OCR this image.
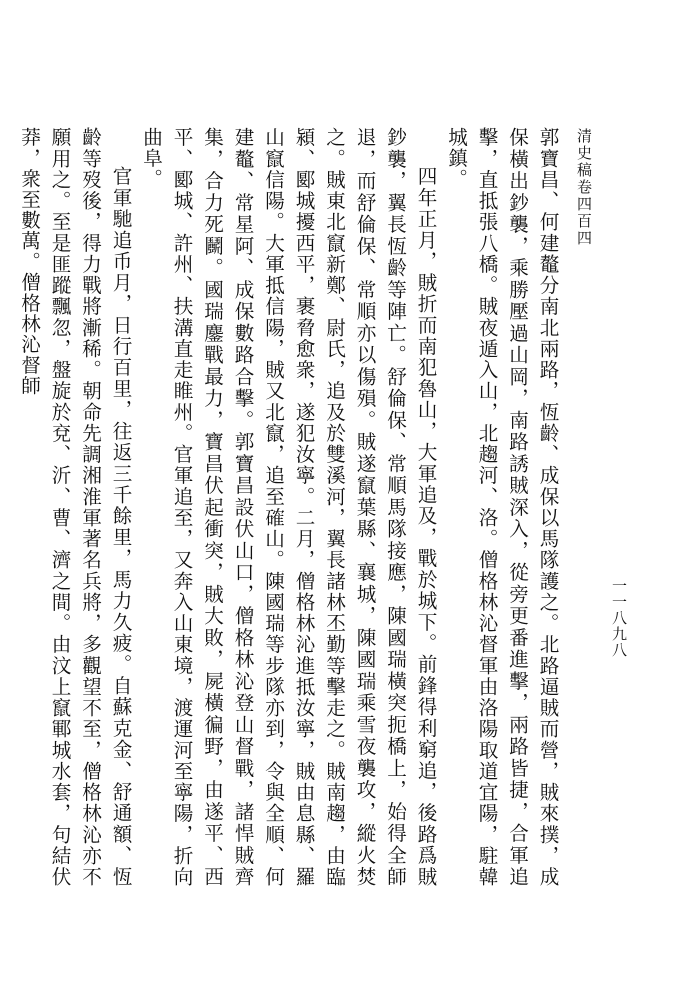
清史稿卷四百四
一一八九八

郭寶昌、何建鼇分南北兩路，恆齡、成保以馬隊護之。北路逼賊而營，賊來撲，成保橫出鈔襲，乘勝壓過山岡，南路誘賊深入，從旁更番進擊，兩路皆捷，合軍追擊，直抵張八橋。賊夜遁入山，北趨河、洛。僧格林沁督軍由洛陽取道宜陽，駐韓城鎮。

四年正月，賊折而南犯魯山，大軍追及，戰於城下。前鋒得利窮追，後路爲賊鈔襲，翼長恆齡等陣亡。舒倫保、常順馬隊接應，陳國瑞橫突扼橋上，始得全師退，而舒倫保、常順亦以傷殞。賊遂竄葉縣、襄城，陳國瑞乘雪夜襲攻，縱火焚之。賊東北竄新鄭、尉氏，追及於雙溪河，翼長諸林丕勤等擊走之。賊南趨，由臨潁、郾城擾西平，裹脅愈衆，遂犯汝寧。二月，僧格林沁進抵汝寧，賊由息縣、羅山竄信陽。大軍抵信陽，賊又北竄，追至確山。陳國瑞等步隊亦到，令與全順、何建鼇、常星阿、成保數路合擊。郭寶昌設伏山口，僧格林沁登山督戰，諸悍賊齊集，合力死鬭。國瑞鏖戰最力，寶昌伏起衝突，賊大敗，屍橫徧野，由遂平、西平、郾城、許州、扶溝直走睢州。官軍追至，又奔入山東境，渡運河至寧陽，折向曲阜。

官軍馳追币月，日行百里，往返三千餘里，馬力久疲。自蘇克金、舒通額、恆齡等歿後，得力戰將漸稀。朝命先調湘淮軍著名兵將，多觀望不至，僧格林沁亦不願用之。至是匪蹤飄忽，盤旋於兗、沂、曹、濟之間。由汶上竄鄆城水套，句結伏莽，衆至數萬。僧格林沁督師
